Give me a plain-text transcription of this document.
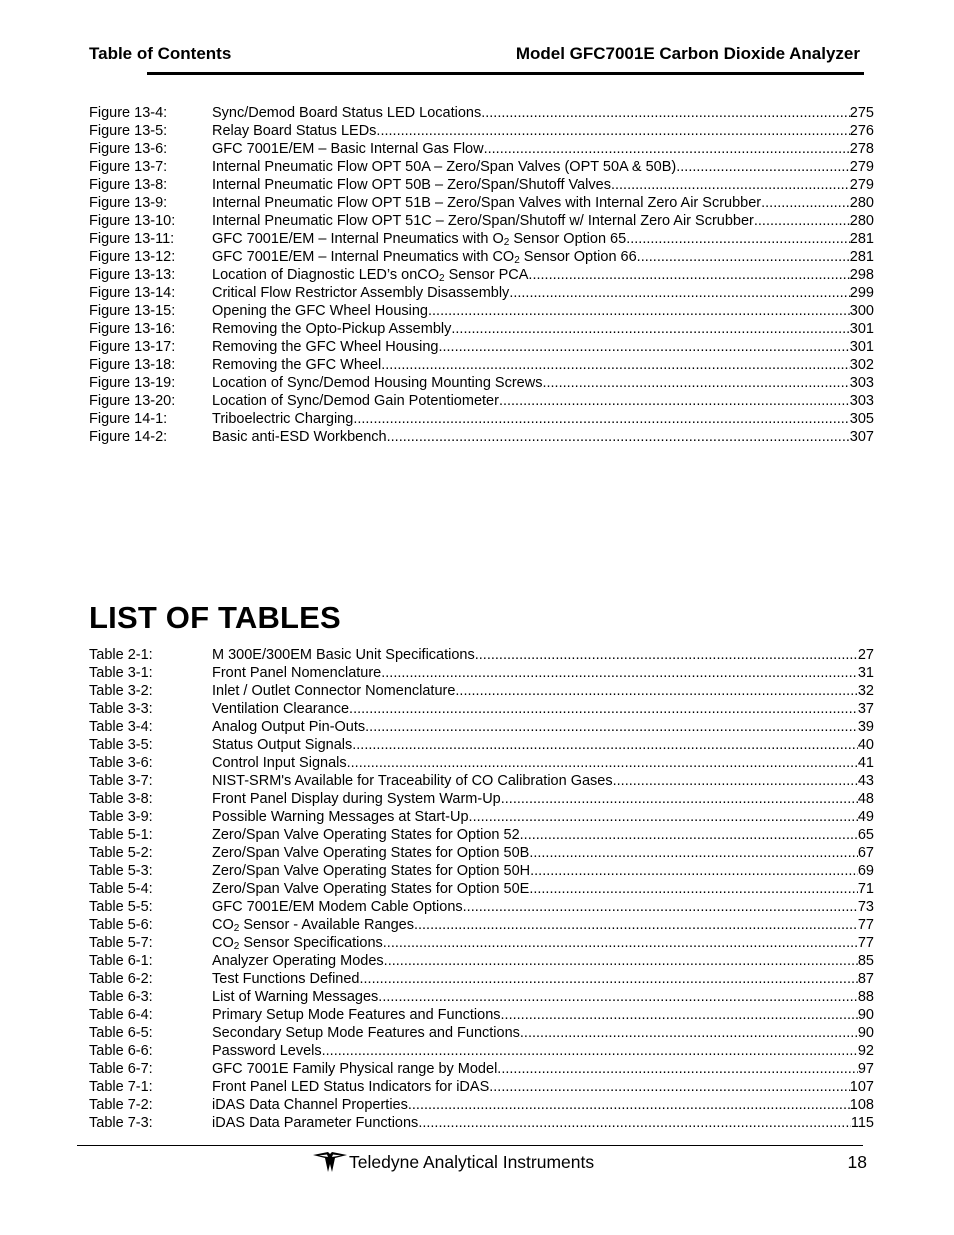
Table of Contents	Model GFC7001E Carbon Dioxide Analyzer
Figure 13-4:	Sync/Demod Board Status LED Locations .....	275
Figure 13-5:	Relay Board Status LEDs .....	276
Figure 13-6:	GFC 7001E/EM – Basic Internal Gas Flow .....	278
Figure 13-7:	Internal Pneumatic Flow OPT 50A – Zero/Span Valves (OPT 50A & 50B) .....	279
Figure 13-8:	Internal Pneumatic Flow OPT 50B – Zero/Span/Shutoff Valves .....	279
Figure 13-9:	Internal Pneumatic Flow OPT 51B – Zero/Span Valves with Internal Zero Air Scrubber .....	280
Figure 13-10:	Internal Pneumatic Flow OPT 51C – Zero/Span/Shutoff w/ Internal Zero Air Scrubber .....	280
Figure 13-11:	GFC 7001E/EM – Internal Pneumatics with $O_2$ Sensor Option 65 .....	281
Figure 13-12:	GFC 7001E/EM – Internal Pneumatics with $CO_2$ Sensor Option 66 .....	281
Figure 13-13:	Location of Diagnostic LED’s onCO$_2$ Sensor PCA .....	298
Figure 13-14:	Critical Flow Restrictor Assembly Disassembly .....	299
Figure 13-15:	Opening the GFC Wheel Housing .....	300
Figure 13-16:	Removing the Opto-Pickup Assembly .....	301
Figure 13-17:	Removing the GFC Wheel Housing .....	301
Figure 13-18:	Removing the GFC Wheel .....	302
Figure 13-19:	Location of Sync/Demod Housing Mounting Screws .....	303
Figure 13-20:	Location of Sync/Demod Gain Potentiometer .....	303
Figure 14-1:	Triboelectric Charging .....	305
Figure 14-2:	Basic anti-ESD Workbench .....	307
LIST OF TABLES
Table 2-1:	M 300E/300EM Basic Unit Specifications .....	27
Table 3-1:	Front Panel Nomenclature .....	31
Table 3-2:	Inlet / Outlet Connector Nomenclature .....	32
Table 3-3:	Ventilation Clearance .....	37
Table 3-4:	Analog Output Pin-Outs .....	39
Table 3-5:	Status Output Signals .....	40
Table 3-6:	Control Input Signals .....	41
Table 3-7:	NIST-SRM's Available for Traceability of CO Calibration Gases .....	43
Table 3-8:	Front Panel Display during System Warm-Up .....	48
Table 3-9:	Possible Warning Messages at Start-Up .....	49
Table 5-1:	Zero/Span Valve Operating States for Option 52 .....	65
Table 5-2:	Zero/Span Valve Operating States for Option 50B .....	67
Table 5-3:	Zero/Span Valve Operating States for Option 50H .....	69
Table 5-4:	Zero/Span Valve Operating States for Option 50E .....	71
Table 5-5:	GFC 7001E/EM Modem Cable Options .....	73
Table 5-6:	$CO_2$ Sensor - Available Ranges .....	77
Table 5-7:	$CO_2$ Sensor Specifications .....	77
Table 6-1:	Analyzer Operating Modes .....	85
Table 6-2:	Test Functions Defined .....	87
Table 6-3:	List of Warning Messages .....	88
Table 6-4:	Primary Setup Mode Features and Functions .....	90
Table 6-5:	Secondary Setup Mode Features and Functions .....	90
Table 6-6:	Password Levels .....	92
Table 6-7:	GFC 7001E Family Physical range by Model .....	97
Table 7-1:	Front Panel LED Status Indicators for iDAS .....	107
Table 7-2:	iDAS Data Channel Properties .....	108
Table 7-3:	iDAS Data Parameter Functions .....	115
Teledyne Analytical Instruments	18
